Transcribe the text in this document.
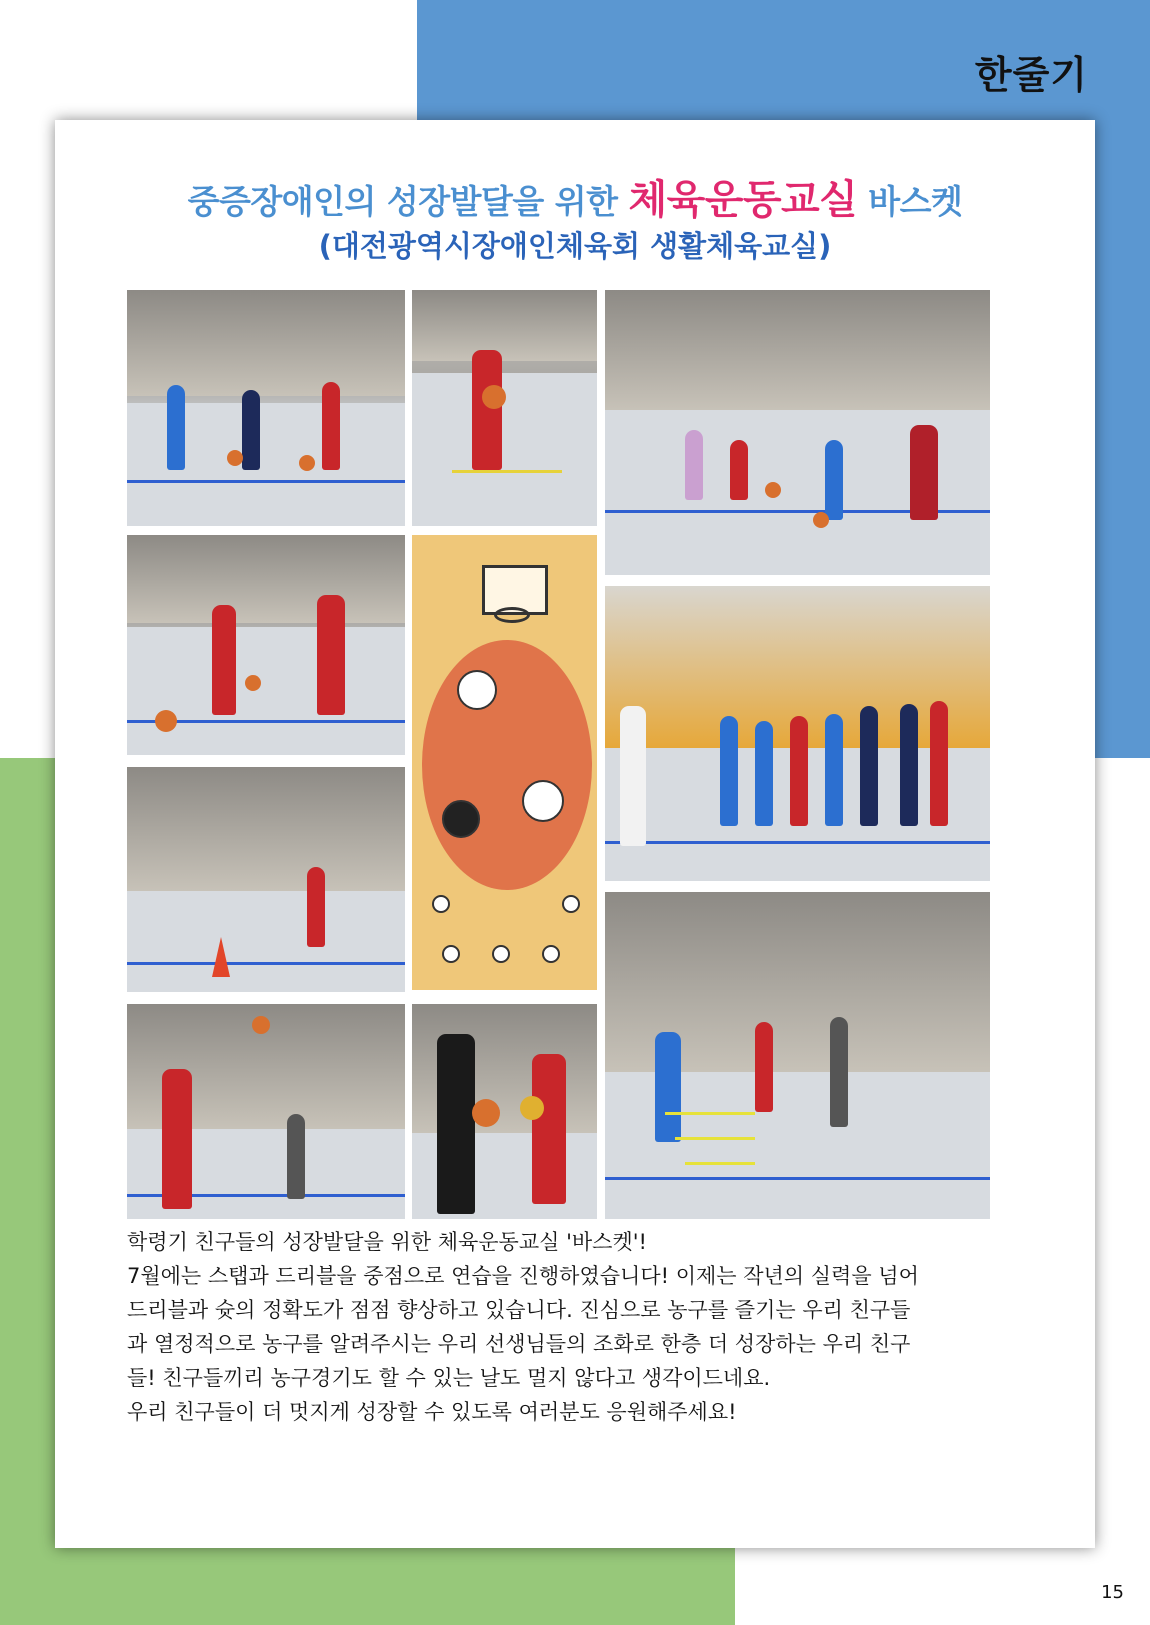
한줄기
중증장애인의 성장발달을 위한 체육운동교실 바스켓
(대전광역시장애인체육회 생활체육교실)

학령기 친구들의 성장발달을 위한 체육운동교실 '바스켓'!

7월에는 스탭과 드리블을 중점으로 연습을 진행하였습니다! 이제는 작년의 실력을 넘어

드리블과 슛의 정확도가 점점 향상하고 있습니다. 진심으로 농구를 즐기는 우리 친구들

과 열정적으로 농구를 알려주시는 우리 선생님들의 조화로 한층 더 성장하는 우리 친구

들! 친구들끼리 농구경기도 할 수 있는 날도 멀지 않다고 생각이드네요.

우리 친구들이 더 멋지게 성장할 수 있도록 여러분도 응원해주세요!

15
